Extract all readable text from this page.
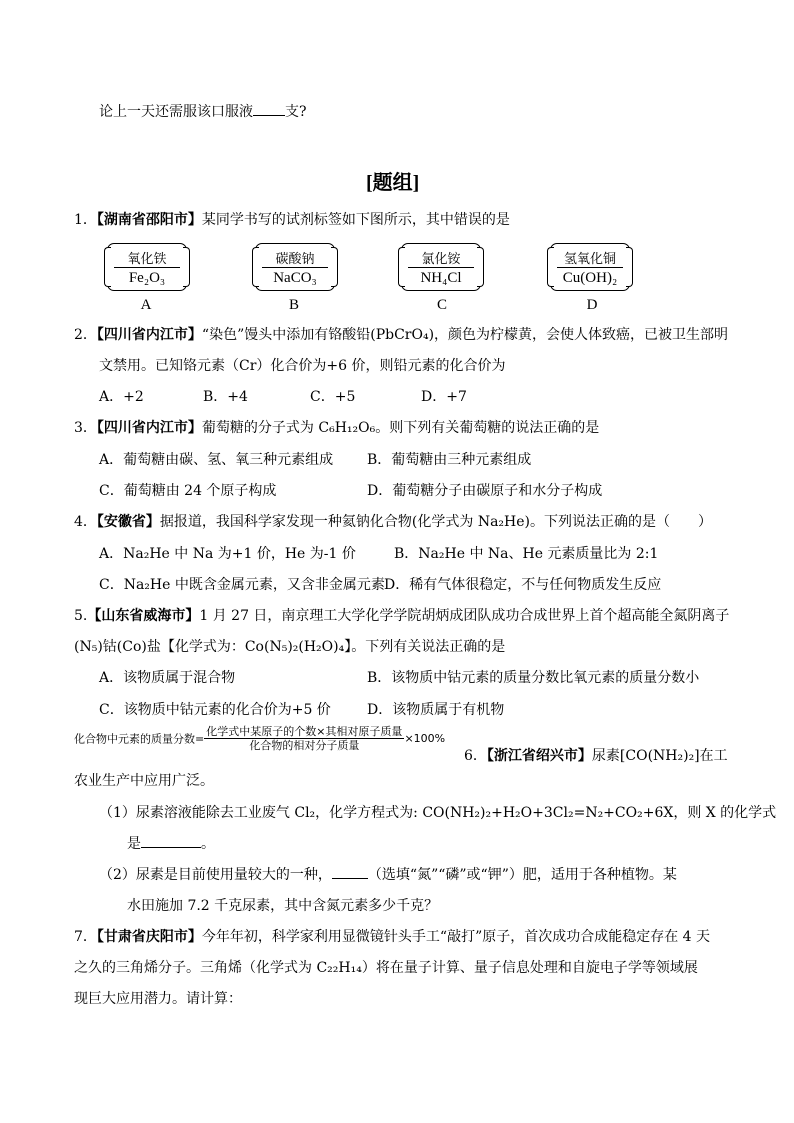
论上一天还需服该口服液 支?
[题组]
1．【湖南省邵阳市】某同学书写的试剂标签如下图所示，其中错误的是
氧化铁
Fe₂O₃
A
碳酸钠
NaCO₃
B
氯化铵
NH₄Cl
C
氢氧化铜
Cu(OH)₂
D
2．【四川省内江市】“染色”馒头中添加有铬酸铅(PbCrO₄)，颜色为柠檬黄，会使人体致癌，已被卫生部明
文禁用。已知铬元素（Cr）化合价为+6 价，则铅元素的化合价为
A．+2	B．+4	C．+5	D．+7
3．【四川省内江市】葡萄糖的分子式为 C₆H₁₂O₆。则下列有关葡萄糖的说法正确的是
A．葡萄糖由碳、氢、氧三种元素组成 B．葡萄糖由三种元素组成
C．葡萄糖由 24 个原子构成	D．葡萄糖分子由碳原子和水分子构成
4．【安徽省】据报道，我国科学家发现一种氦钠化合物(化学式为 Na₂He)。下列说法正确的是（　　）
A．Na₂He 中 Na 为+1 价，He 为-1 价	B．Na₂He 中 Na、He 元素质量比为 2:1
C．Na₂He 中既含金属元素，又含非金属元素 D．稀有气体很稳定，不与任何物质发生反应
5.【山东省威海市】1 月 27 日，南京理工大学化学学院胡炳成团队成功合成世界上首个超高能全氮阴离子
(N₅)钴(Co)盐【化学式为：Co(N₅)₂(H₂O)₄】。下列有关说法正确的是
A．该物质属于混合物	B．该物质中钴元素的质量分数比氧元素的质量分数小
C．该物质中钴元素的化合价为+5 价	D．该物质属于有机物
化合物中元素的质量分数= $\frac{\text{化学式中某原子的个数×其相对原子质量}}{\text{化合物的相对分子质量}} \times 100\%$
6．【浙江省绍兴市】尿素[CO(NH₂)₂]在工
农业生产中应用广泛。
（1）尿素溶液能除去工业废气 Cl₂，化学方程式为: CO(NH₂)₂+H₂O+3Cl₂=N₂+CO₂+6X，则 X 的化学式
是	。
（2）尿素是目前使用量较大的一种，	（选填“氮”“磷”或“钾”）肥，适用于各种植物。某
水田施加 7.2 千克尿素，其中含氮元素多少千克？
7．【甘肃省庆阳市】今年年初，科学家利用显微镜针头手工“敲打”原子，首次成功合成能稳定存在 4 天
之久的三角烯分子。三角烯（化学式为 C₂₂H₁₄）将在量子计算、量子信息处理和自旋电子学等领域展
现巨大应用潜力。请计算：
